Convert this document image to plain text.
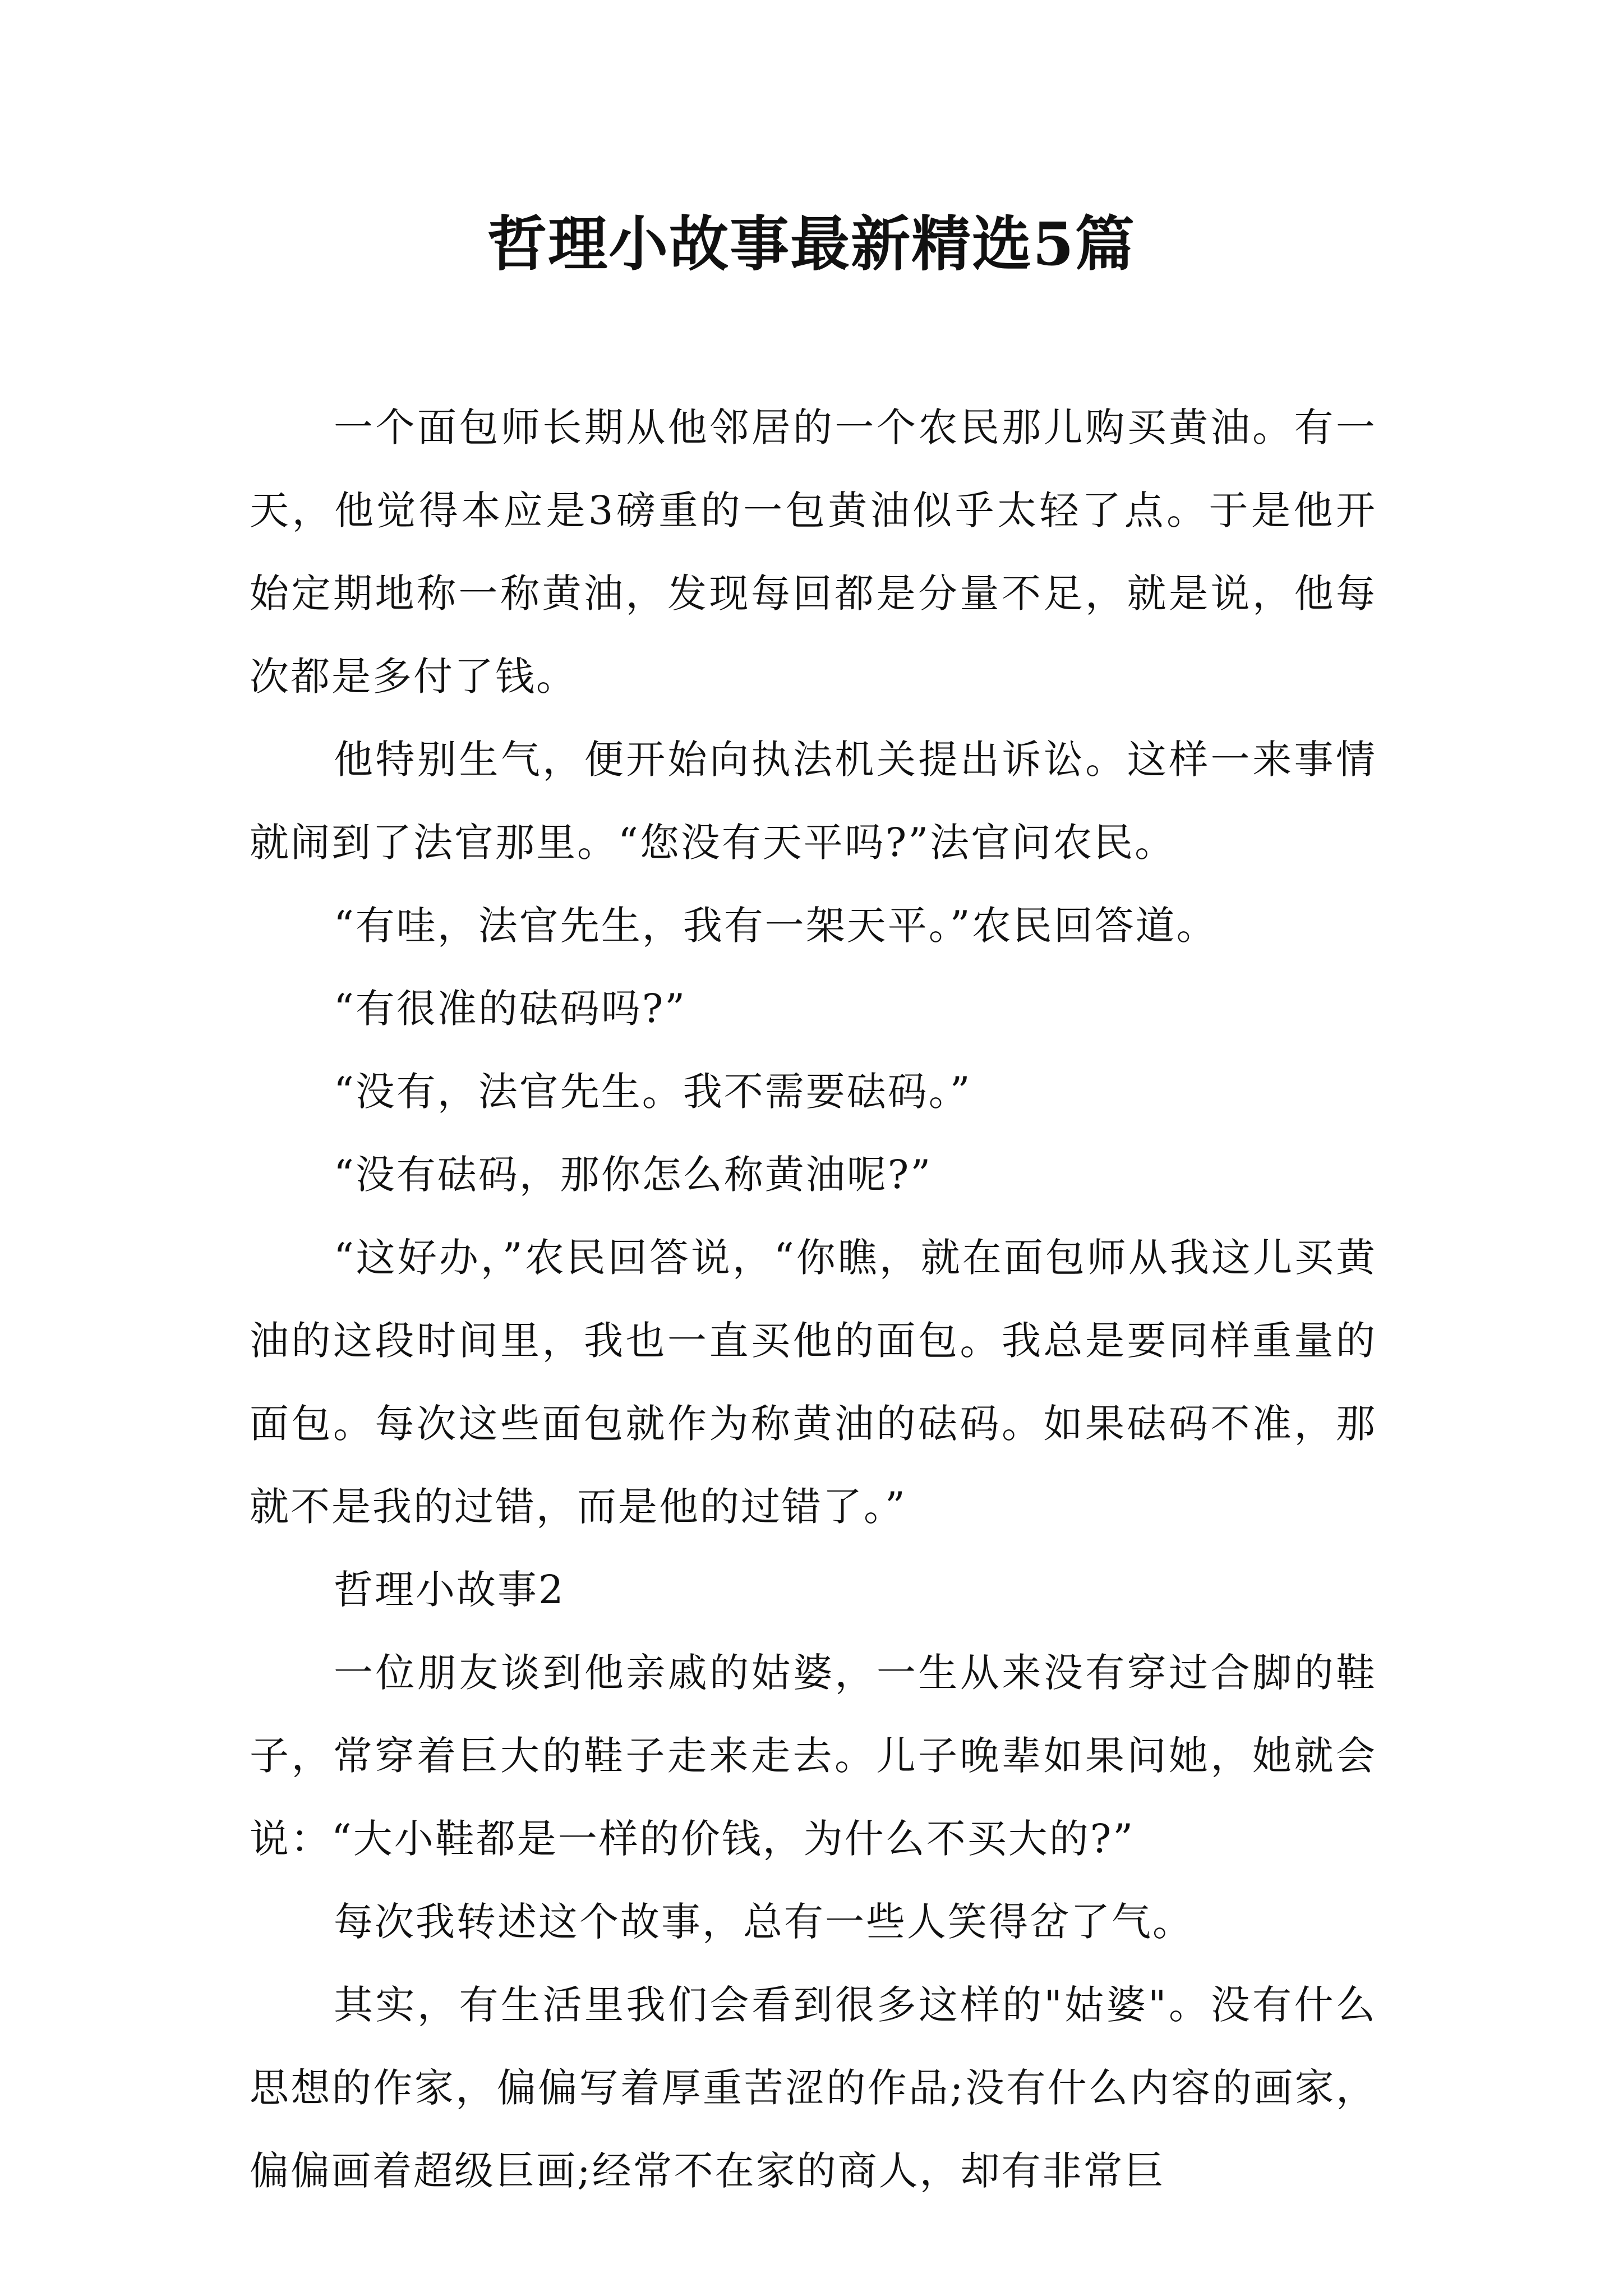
哲理小故事最新精选5篇

一个面包师长期从他邻居的一个农民那儿购买黄油。有一天，他觉得本应是3磅重的一包黄油似乎太轻了点。于是他开始定期地称一称黄油，发现每回都是分量不足，就是说，他每次都是多付了钱。

他特别生气，便开始向执法机关提出诉讼。这样一来事情就闹到了法官那里。“您没有天平吗?”法官问农民。

“有哇，法官先生，我有一架天平。”农民回答道。

“有很准的砝码吗?”

“没有，法官先生。我不需要砝码。”

“没有砝码，那你怎么称黄油呢?”

“这好办，”农民回答说，“你瞧，就在面包师从我这儿买黄油的这段时间里，我也一直买他的面包。我总是要同样重量的面包。每次这些面包就作为称黄油的砝码。如果砝码不准，那就不是我的过错，而是他的过错了。”

哲理小故事2

一位朋友谈到他亲戚的姑婆，一生从来没有穿过合脚的鞋子，常穿着巨大的鞋子走来走去。儿子晚辈如果问她，她就会说：“大小鞋都是一样的价钱，为什么不买大的?”

每次我转述这个故事，总有一些人笑得岔了气。

其实，有生活里我们会看到很多这样的"姑婆"。没有什么思想的作家，偏偏写着厚重苦涩的作品;没有什么内容的画家，偏偏画着超级巨画;经常不在家的商人，却有非常巨
